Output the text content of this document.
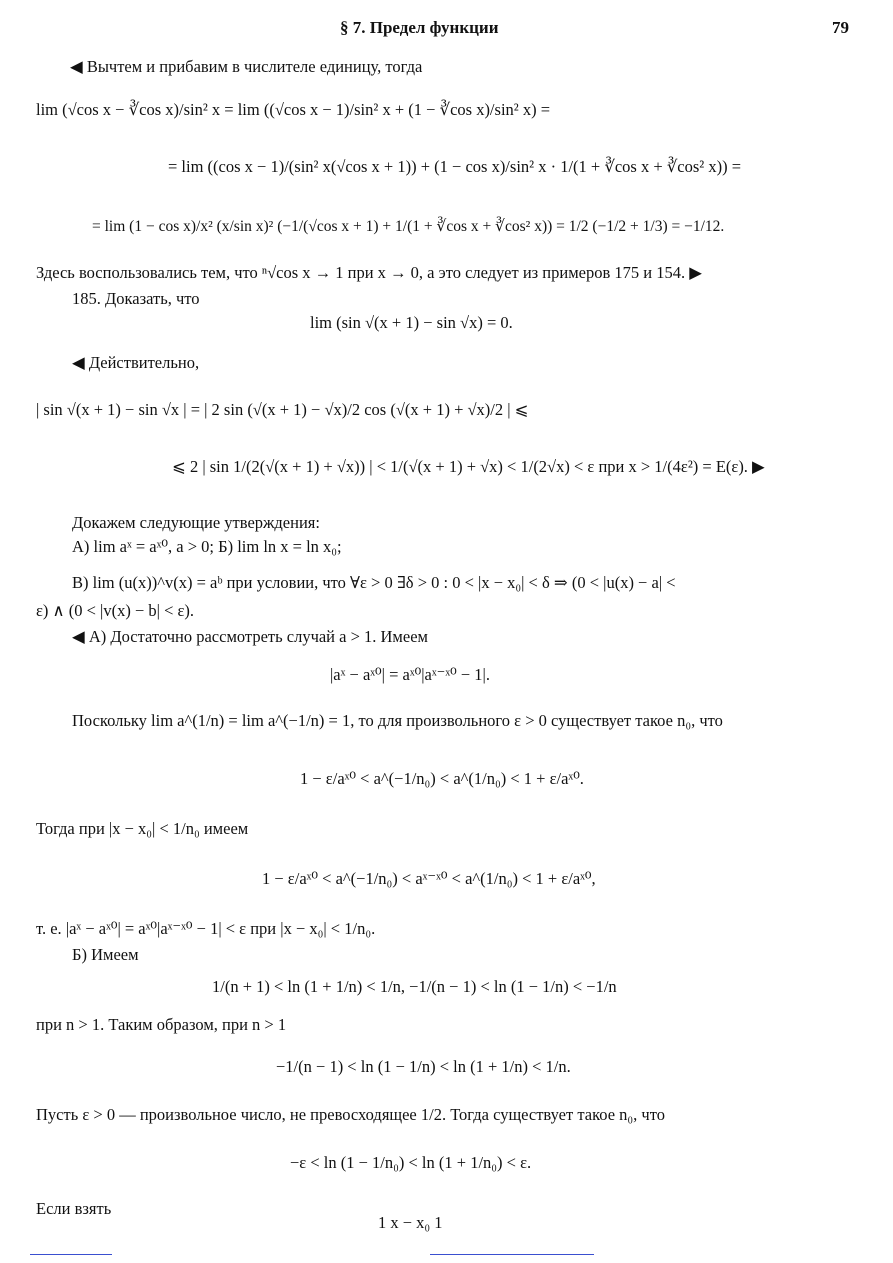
§ 7. Предел функции	79
◀ Вычтем и прибавим в числителе единицу, тогда
lim (√cos x − ∛cos x)/sin² x = lim ((√cos x − 1)/sin² x + (1 − ∛cos x)/sin² x) =
= lim ((cos x − 1)/(sin² x(√cos x + 1)) + (1 − cos x)/sin² x · 1/(1 + ∛cos x + ∛cos² x)) =
= lim (1 − cos x)/x² (x/sin x)² (−1/(√cos x + 1) + 1/(1 + ∛cos x + ∛cos² x)) = 1/2 (−1/2 + 1/3) = −1/12.
Здесь воспользовались тем, что ⁿ√cos x → 1 при x → 0, а это следует из примеров 175 и 154. ▶
185. Доказать, что
lim (sin √(x + 1) − sin √x) = 0.
◀ Действительно,
| sin √(x + 1) − sin √x | = | 2 sin (√(x + 1) − √x)/2 cos (√(x + 1) + √x)/2 | ⩽
⩽ 2 | sin 1/(2(√(x + 1) + √x)) | < 1/(√(x + 1) + √x) < 1/(2√x) < ε при x > 1/(4ε²) = E(ε). ▶
Докажем следующие утверждения:
А) lim aˣ = aˣ⁰, a > 0; Б) lim ln x = ln x₀;
В) lim (u(x))^v(x) = aᵇ при условии, что ∀ε > 0 ∃δ > 0 : 0 < |x − x₀| < δ ⇒ (0 < |u(x) − a| <
ε) ∧ (0 < |v(x) − b| < ε).
◀ А) Достаточно рассмотреть случай a > 1. Имеем
|aˣ − aˣ⁰| = aˣ⁰|aˣ⁻ˣ⁰ − 1|.
Поскольку lim a^(1/n) = lim a^(−1/n) = 1, то для произвольного ε > 0 существует такое n₀, что
1 − ε/aˣ⁰ < a^(−1/n₀) < a^(1/n₀) < 1 + ε/aˣ⁰.
Тогда при |x − x₀| < 1/n₀ имеем
1 − ε/aˣ⁰ < a^(−1/n₀) < aˣ⁻ˣ⁰ < a^(1/n₀) < 1 + ε/aˣ⁰,
т. е. |aˣ − aˣ⁰| = aˣ⁰|aˣ⁻ˣ⁰ − 1| < ε при |x − x₀| < 1/n₀.
Б) Имеем
1/(n + 1) < ln (1 + 1/n) < 1/n, −1/(n − 1) < ln (1 − 1/n) < −1/n
при n > 1. Таким образом, при n > 1
−1/(n − 1) < ln (1 − 1/n) < ln (1 + 1/n) < 1/n.
Пусть ε > 0 — произвольное число, не превосходящее 1/2. Тогда существует такое n₀, что
−ε < ln (1 − 1/n₀) < ln (1 + 1/n₀) < ε.
Если взять
1 x − x₀ 1
